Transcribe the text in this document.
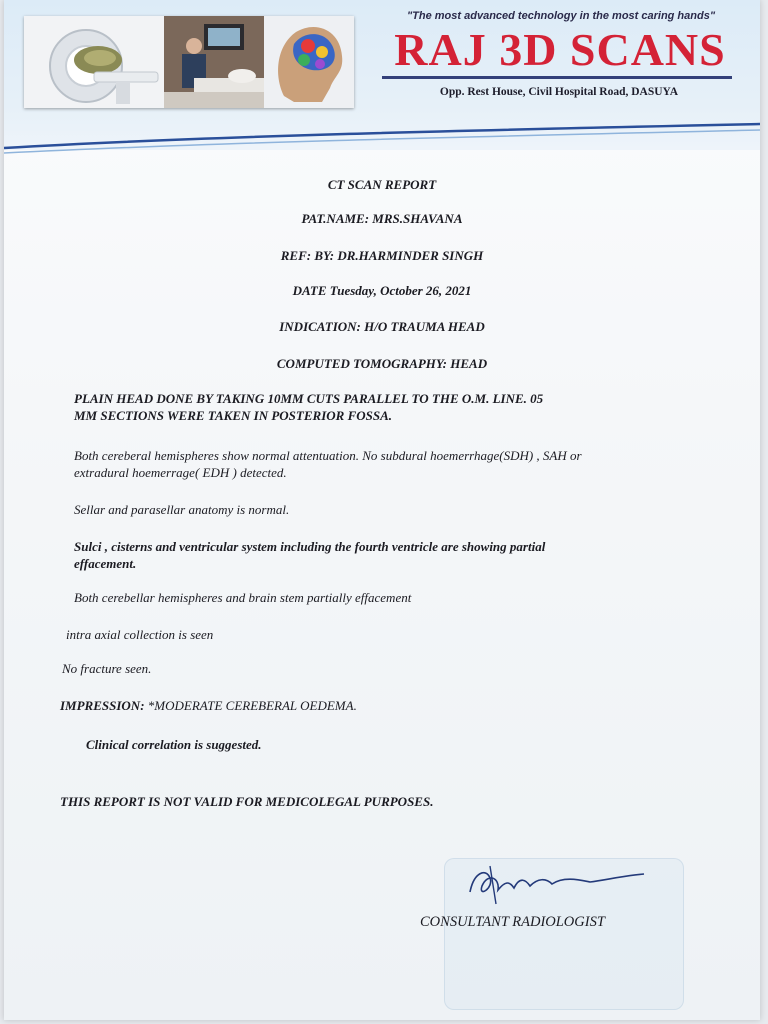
"The most advanced technology in the most caring hands"
RAJ 3D SCANS
Opp. Rest House, Civil Hospital Road, DASUYA
CT SCAN REPORT
PAT.NAME: MRS.SHAVANA
REF: BY: DR.HARMINDER SINGH
DATE Tuesday, October 26, 2021
INDICATION: H/O TRAUMA HEAD
COMPUTED TOMOGRAPHY: HEAD
PLAIN HEAD DONE BY TAKING 10MM CUTS PARALLEL TO THE O.M. LINE. 05
MM SECTIONS WERE TAKEN IN POSTERIOR FOSSA.
Both cereberal hemispheres show normal attentuation. No subdural hoemerrhage(SDH) , SAH or
extradural hoemerrage( EDH ) detected.
Sellar and parasellar anatomy is normal.
Sulci , cisterns and ventricular system including the fourth ventricle are showing partial
effacement.
Both cerebellar hemispheres and brain stem partially effacement
intra axial collection is seen
No fracture seen.
IMPRESSION: *MODERATE CEREBERAL OEDEMA.
Clinical correlation is suggested.
THIS REPORT IS NOT VALID FOR MEDICOLEGAL PURPOSES.
CONSULTANT RADIOLOGIST
